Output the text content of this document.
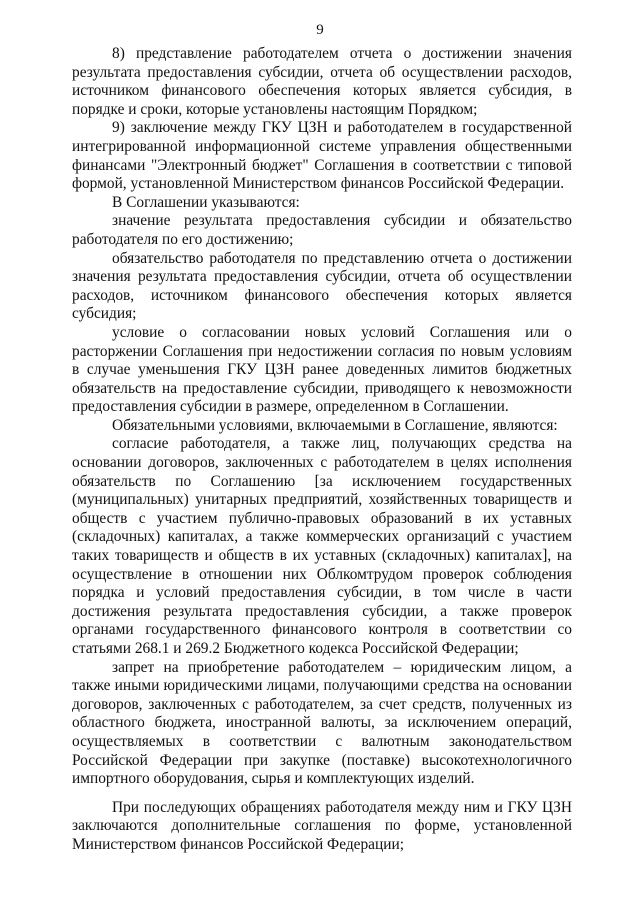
9

8) представление работодателем отчета о достижении значения результата предоставления субсидии, отчета об осуществлении расходов, источником финансового обеспечения которых является субсидия, в порядке и сроки, которые установлены настоящим Порядком;

9) заключение между ГКУ ЦЗН и работодателем в государственной интегрированной информационной системе управления общественными финансами "Электронный бюджет" Соглашения в соответствии с типовой формой, установленной Министерством финансов Российской Федерации.

В Соглашении указываются:

значение результата предоставления субсидии и обязательство работодателя по его достижению;

обязательство работодателя по представлению отчета о достижении значения результата предоставления субсидии, отчета об осуществлении расходов, источником финансового обеспечения которых является субсидия;

условие о согласовании новых условий Соглашения или о расторжении Соглашения при недостижении согласия по новым условиям в случае уменьшения ГКУ ЦЗН ранее доведенных лимитов бюджетных обязательств на предоставление субсидии, приводящего к невозможности предоставления субсидии в размере, определенном в Соглашении.

Обязательными условиями, включаемыми в Соглашение, являются:

согласие работодателя, а также лиц, получающих средства на основании договоров, заключенных с работодателем в целях исполнения обязательств по Соглашению [за исключением государственных (муниципальных) унитарных предприятий, хозяйственных товариществ и обществ с участием публично-правовых образований в их уставных (складочных) капиталах, а также коммерческих организаций с участием таких товариществ и обществ в их уставных (складочных) капиталах], на осуществление в отношении них Облкомтрудом проверок соблюдения порядка и условий предоставления субсидии, в том числе в части достижения результата предоставления субсидии, а также проверок органами государственного финансового контроля в соответствии со статьями 268.1 и 269.2 Бюджетного кодекса Российской Федерации;

запрет на приобретение работодателем – юридическим лицом, а также иными юридическими лицами, получающими средства на основании договоров, заключенных с работодателем, за счет средств, полученных из областного бюджета, иностранной валюты, за исключением операций, осуществляемых в соответствии с валютным законодательством Российской Федерации при закупке (поставке) высокотехнологичного импортного оборудования, сырья и комплектующих изделий.

При последующих обращениях работодателя между ним и ГКУ ЦЗН заключаются дополнительные соглашения по форме, установленной Министерством финансов Российской Федерации;
